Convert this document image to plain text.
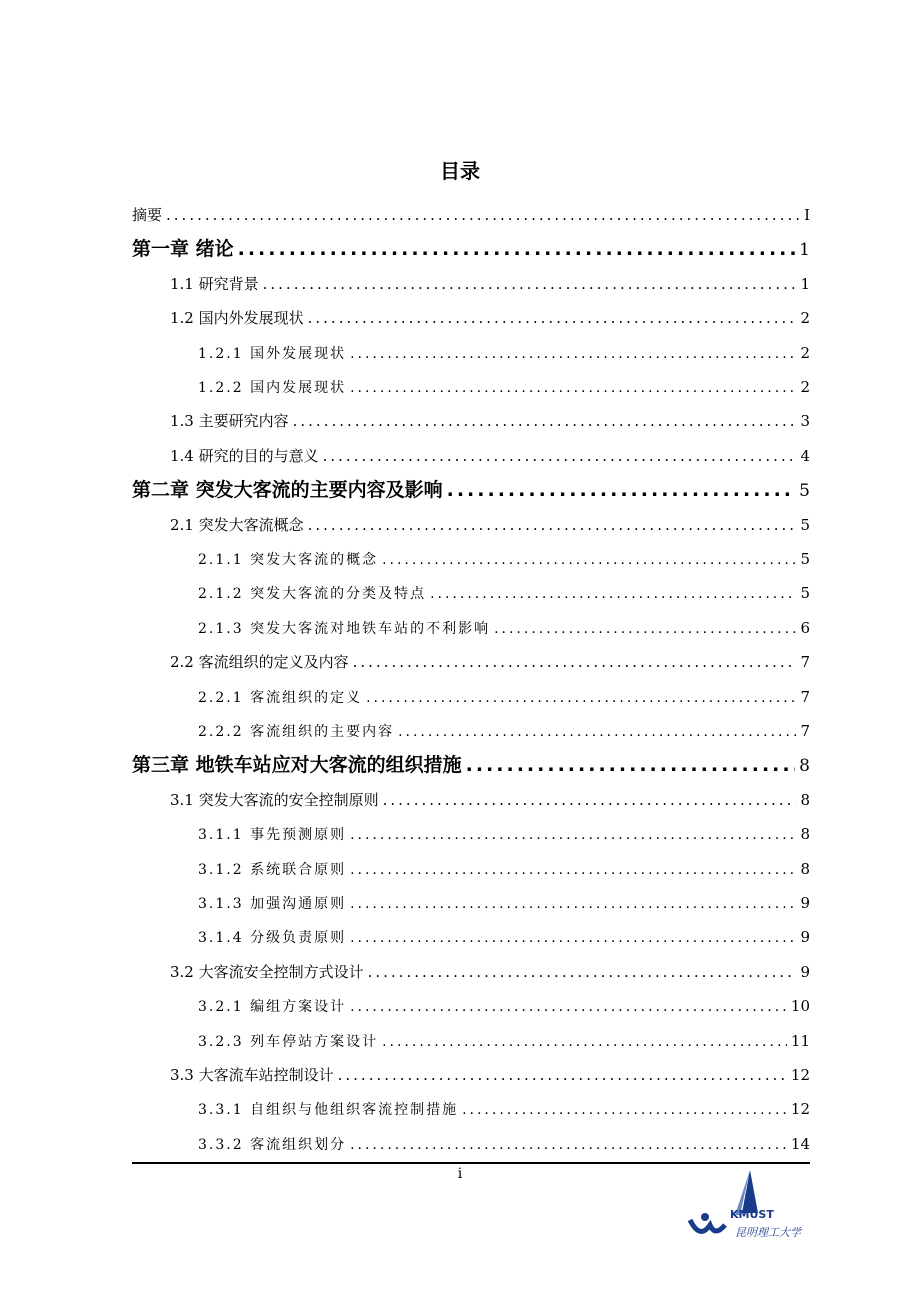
目录
摘要 .....	I
第一章 绪论 .....	1
1.1 研究背景 .....	1
1.2 国内外发展现状 .....	2
1.2.1 国外发展现状 .....	2
1.2.2 国内发展现状 .....	2
1.3 主要研究内容 .....	3
1.4 研究的目的与意义 .....	4
第二章 突发大客流的主要内容及影响 .....	5
2.1 突发大客流概念 .....	5
2.1.1 突发大客流的概念 .....	5
2.1.2 突发大客流的分类及特点 .....	5
2.1.3 突发大客流对地铁车站的不利影响 .....	6
2.2 客流组织的定义及内容 .....	7
2.2.1 客流组织的定义 .....	7
2.2.2 客流组织的主要内容 .....	7
第三章 地铁车站应对大客流的组织措施 .....	8
3.1 突发大客流的安全控制原则 .....	8
3.1.1 事先预测原则 .....	8
3.1.2 系统联合原则 .....	8
3.1.3 加强沟通原则 .....	9
3.1.4 分级负责原则 .....	9
3.2 大客流安全控制方式设计 .....	9
3.2.1 编组方案设计 .....	10
3.2.3 列车停站方案设计 .....	11
3.3 大客流车站控制设计 .....	12
3.3.1 自组织与他组织客流控制措施 .....	12
3.3.2 客流组织划分 .....	14
i
KMUST
昆明理工大学
